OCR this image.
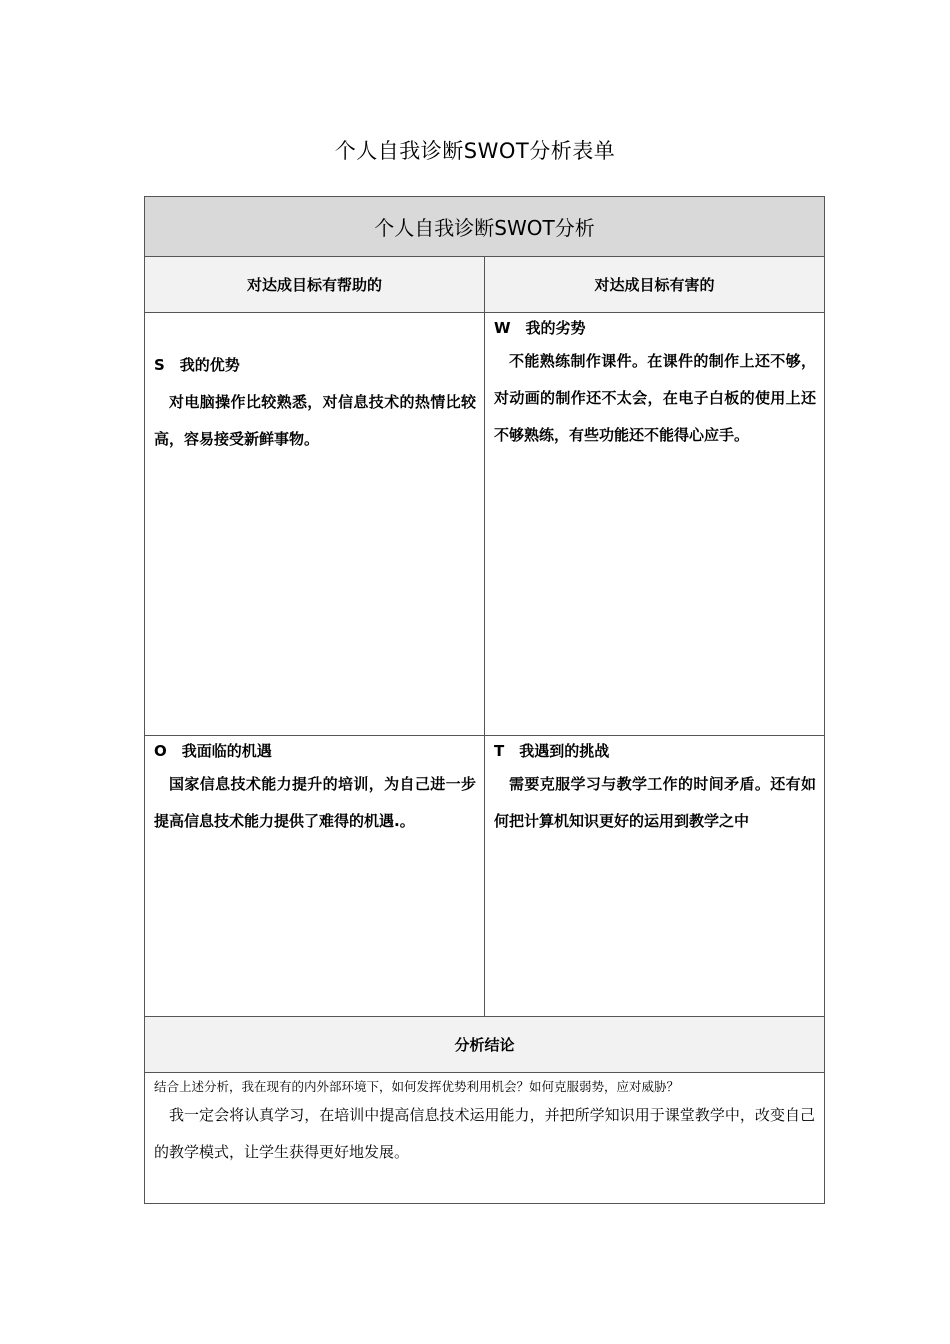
个人自我诊断SWOT分析表单
个人自我诊断SWOT分析
对达成目标有帮助的	对达成目标有害的
S　我的优势
对电脑操作比较熟悉，对信息技术的热情比较高，容易接受新鲜事物。
W　我的劣势
不能熟练制作课件。在课件的制作上还不够，对动画的制作还不太会，在电子白板的使用上还不够熟练，有些功能还不能得心应手。
O　我面临的机遇
国家信息技术能力提升的培训，为自己进一步提高信息技术能力提供了难得的机遇.。
T　我遇到的挑战
需要克服学习与教学工作的时间矛盾。还有如何把计算机知识更好的运用到教学之中
分析结论
结合上述分析，我在现有的内外部环境下，如何发挥优势利用机会？如何克服弱势，应对威胁？
我一定会将认真学习，在培训中提高信息技术运用能力，并把所学知识用于课堂教学中，改变自己的教学模式，让学生获得更好地发展。
